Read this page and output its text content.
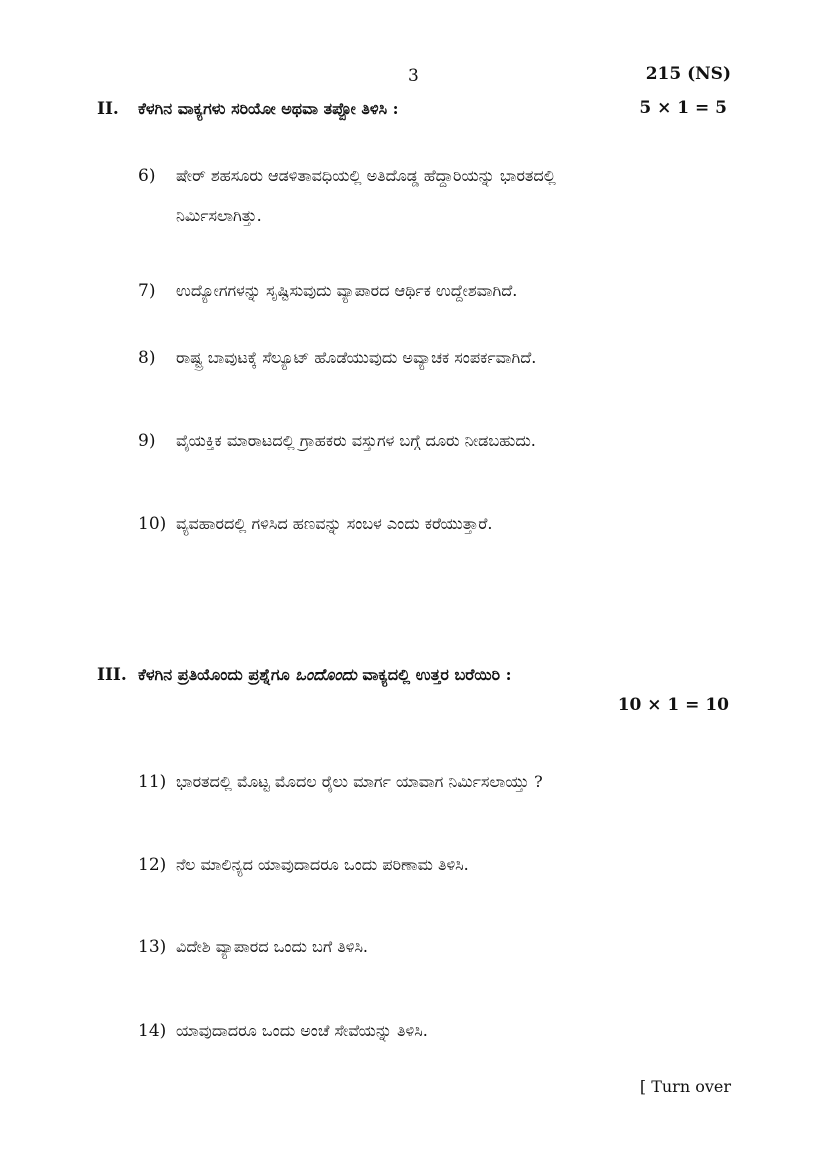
3	215 (NS)
II. ಕೆಳಗಿನ ವಾಕ್ಯಗಳು ಸರಿಯೋ ಅಥವಾ ತಪ್ಪೋ ತಿಳಿಸಿ :	5 × 1 = 5
6) ಷೇರ್ ಶಹಸೂರು ಆಡಳಿತಾವಧಿಯಲ್ಲಿ ಅತಿದೊಡ್ಡ ಹೆದ್ದಾರಿಯನ್ನು ಭಾರತದಲ್ಲಿ
ನಿರ್ಮಿಸಲಾಗಿತ್ತು.
7) ಉದ್ಯೋಗಗಳನ್ನು ಸೃಷ್ಟಿಸುವುದು ವ್ಯಾಪಾರದ ಆರ್ಥಿಕ ಉದ್ದೇಶವಾಗಿದೆ.
8) ರಾಷ್ಟ್ರ ಬಾವುಟಕ್ಕೆ ಸೆಲ್ಯೂಟ್ ಹೊಡೆಯುವುದು ಅವ್ಯಾಚಕ ಸಂಪರ್ಕವಾಗಿದೆ.
9) ವೈಯಕ್ತಿಕ ಮಾರಾಟದಲ್ಲಿ ಗ್ರಾಹಕರು ವಸ್ತುಗಳ ಬಗ್ಗೆ ದೂರು ನೀಡಬಹುದು.
10) ವ್ಯವಹಾರದಲ್ಲಿ ಗಳಿಸಿದ ಹಣವನ್ನು ಸಂಬಳ ಎಂದು ಕರೆಯುತ್ತಾರೆ.
III. ಕೆಳಗಿನ ಪ್ರತಿಯೊಂದು ಪ್ರಶ್ನೆಗೂ ಒಂದೊಂದು ವಾಕ್ಯದಲ್ಲಿ ಉತ್ತರ ಬರೆಯಿರಿ :
10 × 1 = 10
11) ಭಾರತದಲ್ಲಿ ಮೊಟ್ಟ ಮೊದಲ ರೈಲು ಮಾರ್ಗ ಯಾವಾಗ ನಿರ್ಮಿಸಲಾಯ್ತು ?
12) ನೆಲ ಮಾಲಿನ್ಯದ ಯಾವುದಾದರೂ ಒಂದು ಪರಿಣಾಮ ತಿಳಿಸಿ.
13) ವಿದೇಶಿ ವ್ಯಾಪಾರದ ಒಂದು ಬಗೆ ತಿಳಿಸಿ.
14) ಯಾವುದಾದರೂ ಒಂದು ಅಂಚೆ ಸೇವೆಯನ್ನು ತಿಳಿಸಿ.
[ Turn over
